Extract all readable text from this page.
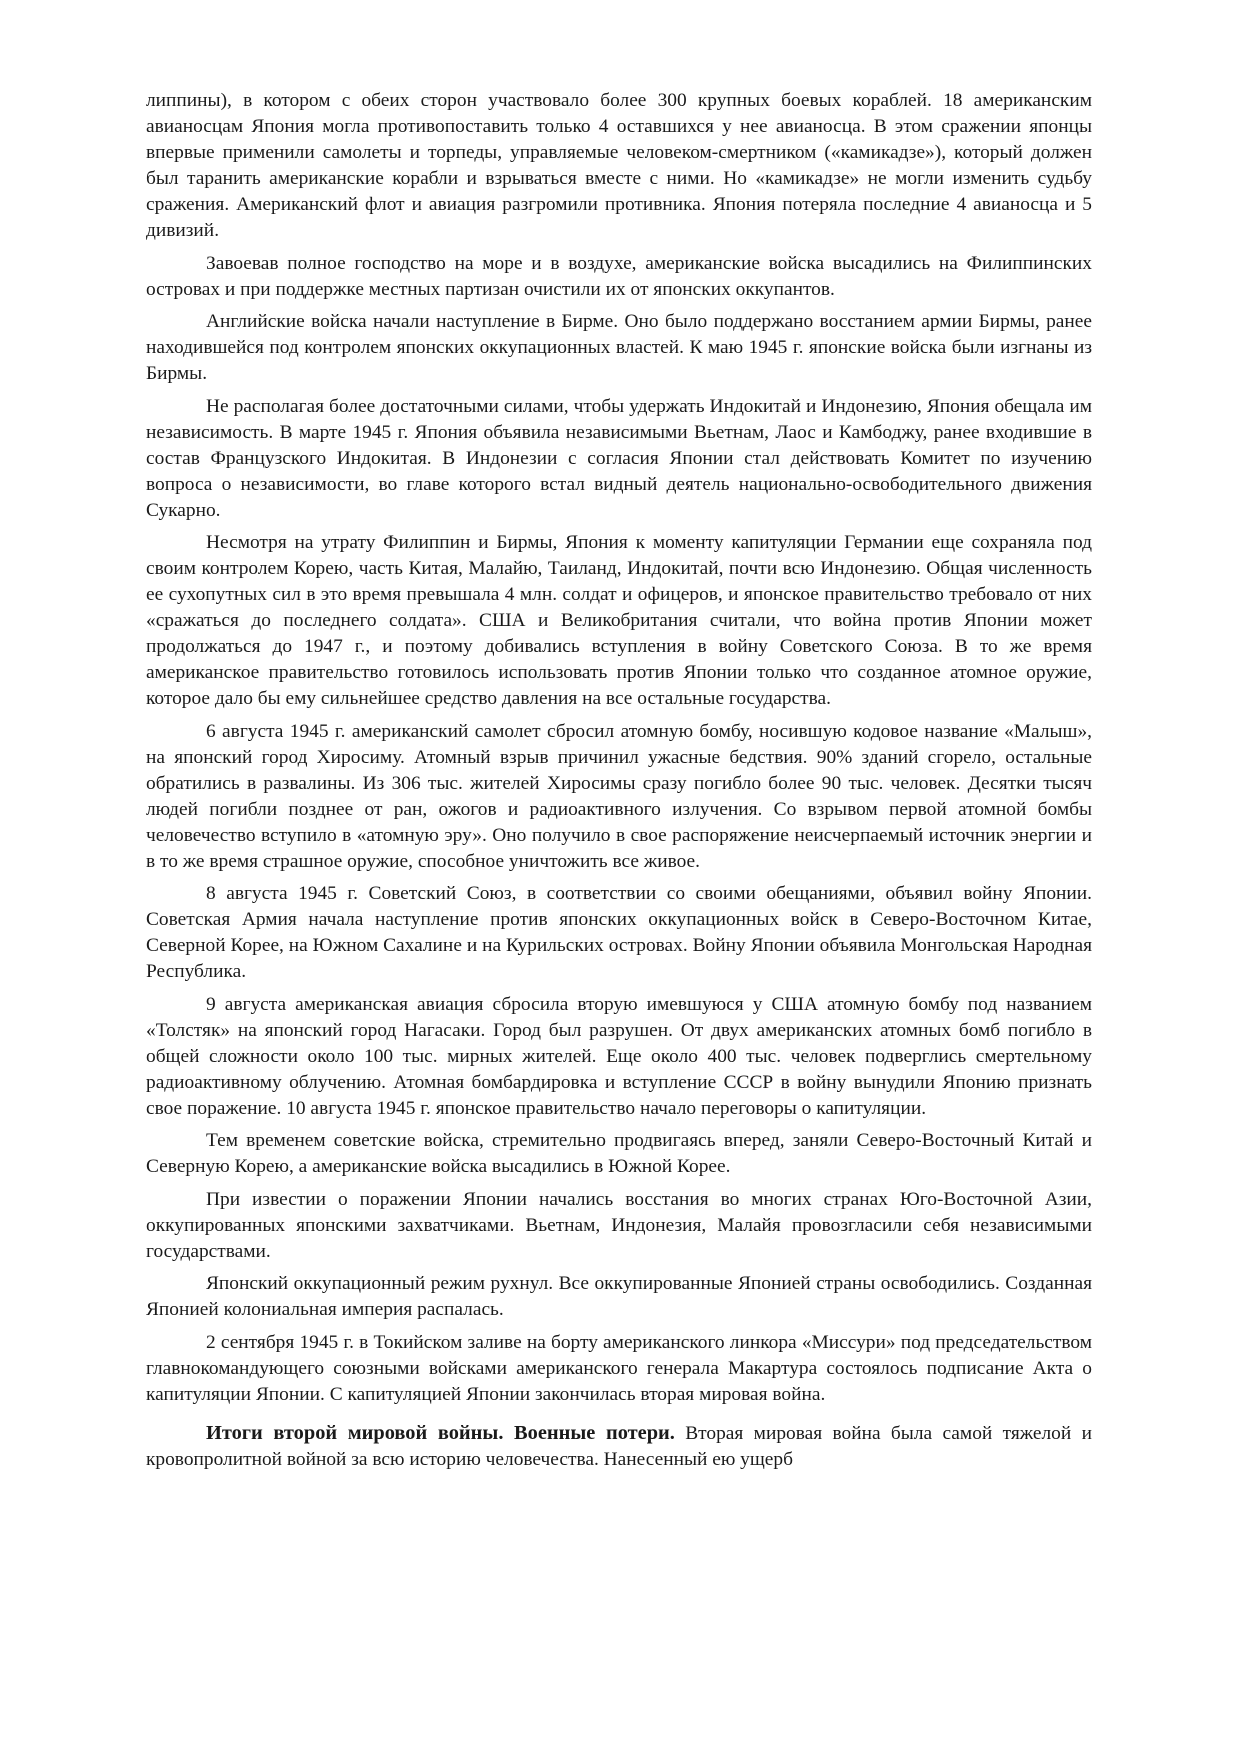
липпины), в котором с обеих сторон участвовало более 300 крупных боевых кораблей. 18 американским авианосцам Япония могла противопоставить только 4 оставшихся у нее авианосца. В этом сражении японцы впервые применили самолеты и торпеды, управляемые человеком-смертником («камикадзе»), который должен был таранить американские корабли и взрываться вместе с ними. Но «камикадзе» не могли изменить судьбу сражения. Американский флот и авиация разгромили противника. Япония потеряла последние 4 авианосца и 5 дивизий.

Завоевав полное господство на море и в воздухе, американские войска высадились на Филиппинских островах и при поддержке местных партизан очистили их от японских оккупантов.

Английские войска начали наступление в Бирме. Оно было поддержано восстанием армии Бирмы, ранее находившейся под контролем японских оккупационных властей. К маю 1945 г. японские войска были изгнаны из Бирмы.

Не располагая более достаточными силами, чтобы удержать Индокитай и Индонезию, Япония обещала им независимость. В марте 1945 г. Япония объявила независимыми Вьетнам, Лаос и Камбоджу, ранее входившие в состав Французского Индокитая. В Индонезии с согласия Японии стал действовать Комитет по изучению вопроса о независимости, во главе которого встал видный деятель национально-освободительного движения Сукарно.

Несмотря на утрату Филиппин и Бирмы, Япония к моменту капитуляции Германии еще сохраняла под своим контролем Корею, часть Китая, Малайю, Таиланд, Индокитай, почти всю Индонезию. Общая численность ее сухопутных сил в это время превышала 4 млн. солдат и офицеров, и японское правительство требовало от них «сражаться до последнего солдата». США и Великобритания считали, что война против Японии может продолжаться до 1947 г., и поэтому добивались вступления в войну Советского Союза. В то же время американское правительство готовилось использовать против Японии только что созданное атомное оружие, которое дало бы ему сильнейшее средство давления на все остальные государства.

6 августа 1945 г. американский самолет сбросил атомную бомбу, носившую кодовое название «Малыш», на японский город Хиросиму. Атомный взрыв причинил ужасные бедствия. 90% зданий сгорело, остальные обратились в развалины. Из 306 тыс. жителей Хиросимы сразу погибло более 90 тыс. человек. Десятки тысяч людей погибли позднее от ран, ожогов и радиоактивного излучения. Со взрывом первой атомной бомбы человечество вступило в «атомную эру». Оно получило в свое распоряжение неисчерпаемый источник энергии и в то же время страшное оружие, способное уничтожить все живое.

8 августа 1945 г. Советский Союз, в соответствии со своими обещаниями, объявил войну Японии. Советская Армия начала наступление против японских оккупационных войск в Северо-Восточном Китае, Северной Корее, на Южном Сахалине и на Курильских островах. Войну Японии объявила Монгольская Народная Республика.

9 августа американская авиация сбросила вторую имевшуюся у США атомную бомбу под названием «Толстяк» на японский город Нагасаки. Город был разрушен. От двух американских атомных бомб погибло в общей сложности около 100 тыс. мирных жителей. Еще около 400 тыс. человек подверглись смертельному радиоактивному облучению. Атомная бомбардировка и вступление СССР в войну вынудили Японию признать свое поражение. 10 августа 1945 г. японское правительство начало переговоры о капитуляции.

Тем временем советские войска, стремительно продвигаясь вперед, заняли Северо-Восточный Китай и Северную Корею, а американские войска высадились в Южной Корее.

При известии о поражении Японии начались восстания во многих странах Юго-Восточной Азии, оккупированных японскими захватчиками. Вьетнам, Индонезия, Малайя провозгласили себя независимыми государствами.

Японский оккупационный режим рухнул. Все оккупированные Японией страны освободились. Созданная Японией колониальная империя распалась.

2 сентября 1945 г. в Токийском заливе на борту американского линкора «Миссури» под председательством главнокомандующего союзными войсками американского генерала Макартура состоялось подписание Акта о капитуляции Японии. С капитуляцией Японии закончилась вторая мировая война.

Итоги второй мировой войны. Военные потери. Вторая мировая война была самой тяжелой и кровопролитной войной за всю историю человечества. Нанесенный ею ущерб
